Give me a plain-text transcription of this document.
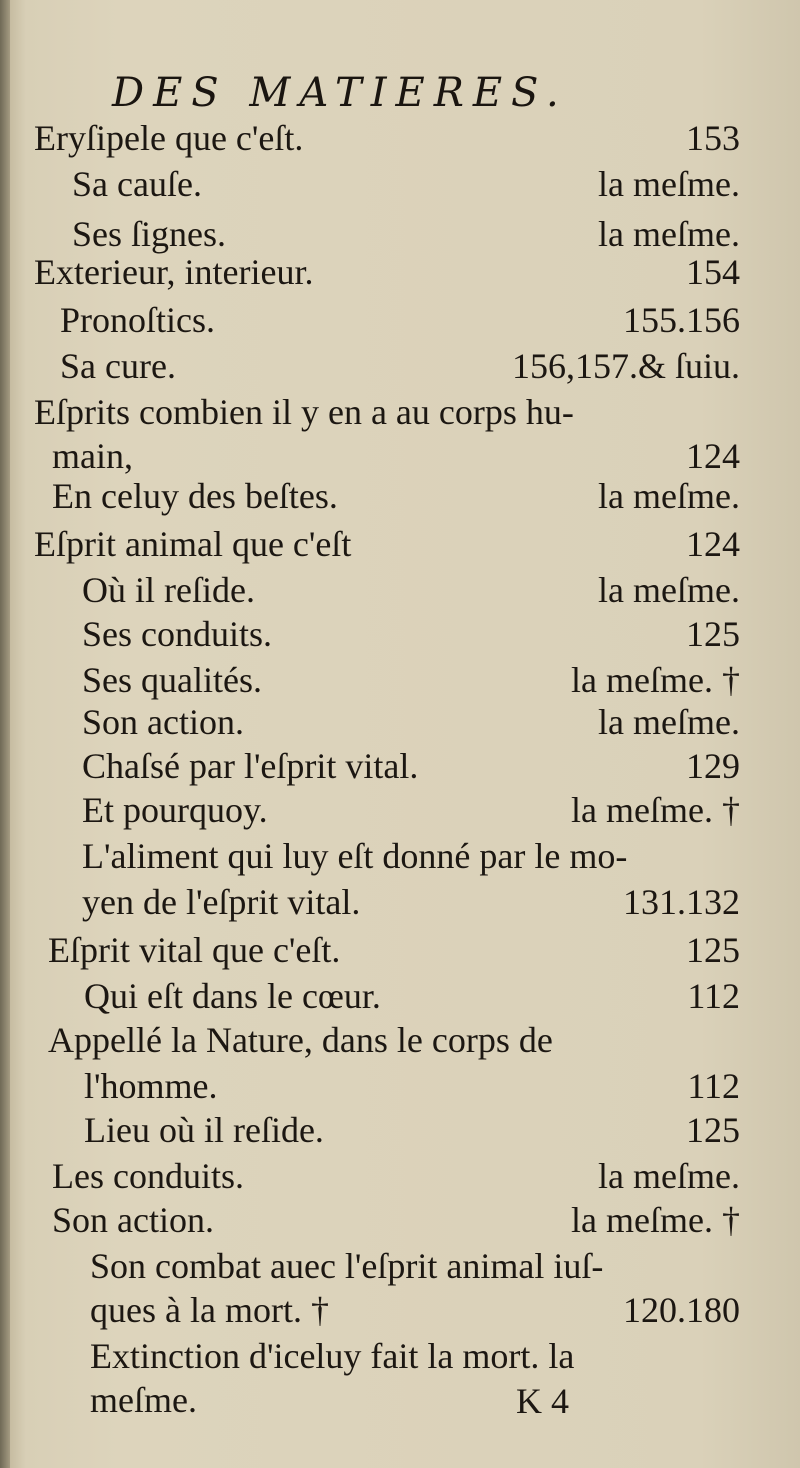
DES MATIERES.
Eryſipele que c'eſt.	153
Sa cauſe.	la meſme.
Ses ſignes.	la meſme.
Exterieur, interieur.	154
Pronoſtics.	155.156
Sa cure.	156,157.& ſuiu.
Eſprits combien il y en a au corps hu-
main,	124
En celuy des beſtes.	la meſme.
Eſprit animal que c'eſt	124
Où il reſide.	la meſme.
Ses conduits.	125
Ses qualités.	la meſme. †
Son action.	la meſme.
Chaſsé par l'eſprit vital.	129
Et pourquoy.	la meſme. †
L'aliment qui luy eſt donné par le mo-
yen de l'eſprit vital.	131.132
Eſprit vital que c'eſt.	125
Qui eſt dans le cœur.	112
Appellé la Nature, dans le corps de
l'homme.	112
Lieu où il reſide.	125
Les conduits.	la meſme.
Son action.	la meſme. †
Son combat auec l'eſprit animal iuſ-
ques à la mort. †	120.180
Extinction d'iceluy fait la mort. la
meſme.	K 4
